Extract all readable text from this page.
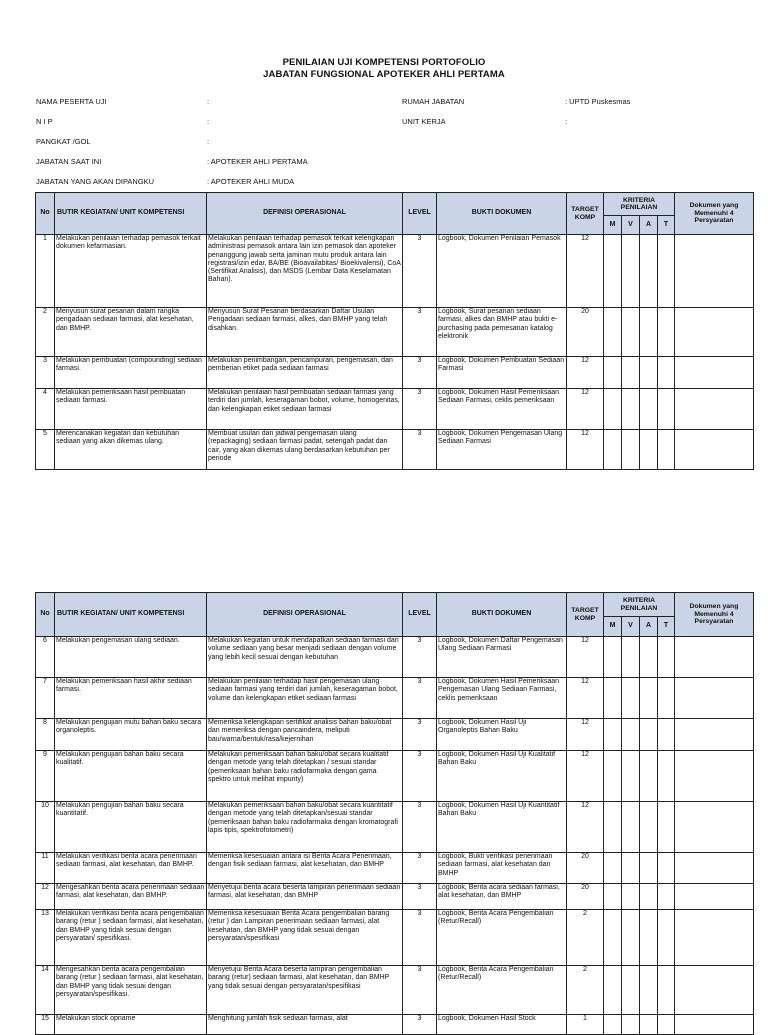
PENILAIAN UJI KOMPETENSI PORTOFOLIO
JABATAN FUNGSIONAL APOTEKER AHLI PERTAMA
NAMA PESERTA UJI	:	RUMAH JABATAN	: UPTD Puskesmas
N I P	:	UNIT KERJA	:
PANGKAT /GOL	:
JABATAN SAAT INI	: APOTEKER AHLI PERTAMA
JABATAN YANG AKAN DIPANGKU	: APOTEKER AHLI MUDA
No	BUTIR KEGIATAN/ UNIT KOMPETENSI	DEFINISI OPERASIONAL	LEVEL	BUKTI DOKUMEN	TARGET KOMP	KRITERIA PENILAIAN				Dokumen yang Memenuhi 4 Persyaratan
						M	V	A	T	
1	Melakukan penilaian terhadap pemasok terkait dokumen kefarmasian.	Melakukan penilaian terhadap pemasok terkait kelengkapan administrasi pemasok antara lain izin pemasok dan apoteker penanggung jawab serta jaminan mutu produk antara lain registrasi/izin edar, BA/BE (Bioavailabitas/ Bioekivalensi), CoA (Sertifikat Analisis), dan MSDS (Lembar Data Keselamatan Bahan).	3	Logbook, Dokumen Penilaian Pemasok	12					
2	Menyusun surat pesanan dalam rangka pengadaan sediaan farmasi, alat kesehatan, dan BMHP.	Menyusun Surat Pesanan berdasarkan Daftar Usulan Pengadaan sediaan farmasi, alkes, dan BMHP yang telah disahkan.	3	Logbook, Surat pesanan sediaan farmasi, alkes dan BMHP atau bukti e-purchasing pada pemesanan katalog elektronik	20					
3	Melakukan pembuatan (compounding) sediaan farmasi.	Melakukan penimbangan, pencampuran, pengemasan, dan pemberian etiket pada sediaan farmasi	3	Logbook, Dokumen Pembuatan Sediaan Farmasi	12					
4	Melakukan pemeriksaan hasil pembuatan sediaan farmasi.	Melakukan penilaian hasil pembuatan sediaan farmasi yang terdiri dari jumlah, keseragaman bobot, volume, homogenitas, dan kelengkapan etiket sediaan farmasi	3	Logbook, Dokumen Hasil Pemeriksaan Sediaan Farmasi, ceklis pemeriksaan	12					
5	Merencanakan kegiatan dan kebutuhan sediaan yang akan dikemas ulang.	Membuat usulan dan jadwal pengemasan ulang (repackaging) sediaan farmasi padat, setengah padat dan cair, yang akan dikemas ulang berdasarkan kebutuhan per periode	3	Logbook, Dokumen Pengemasan Ulang Sediaan Farmasi	12					
No	BUTIR KEGIATAN/ UNIT KOMPETENSI	DEFINISI OPERASIONAL	LEVEL	BUKTI DOKUMEN	TARGET KOMP	KRITERIA PENILAIAN				Dokumen yang Memenuhi 4 Persyaratan
						M	V	A	T	
6	Melakukan pengemasan ulang sediaan.	Melakukan kegiatan untuk mendapatkan sediaan farmasi dari volume sediaan yang besar menjadi sediaan dengan volume yang lebih kecil sesuai dengan kebutuhan	3	Logbook, Dokumen Daftar Pengemasan Ulang Sediaan Farmasi	12					
7	Melakukan pemeriksaan hasil akhir sediaan farmasi.	Melakukan penilaian terhadap hasil pengemasan ulang sediaan farmasi yang terdiri dari jumlah, keseragaman bobot, volume dan kelengkapan etiket sediaan farmasi	3	Logbook, Dokumen Hasil Pemeriksaan Pengemasan Ulang Sediaan Farmasi, ceklis pemeriksaan	12					
8	Melakukan pengujian mutu bahan baku secara organoleptis.	Memeriksa kelengkapan sertifikat analisis bahan baku/obat dan memeriksa dengan pancaindera, meliputi bau/warna/bentuk/rasa/kejernihan	3	Logbook, Dokumen Hasil Uji Organoleptis Bahan Baku	12					
9	Melakukan pengujian bahan baku secara kualitatif.	Melakukan pemeriksaan bahan baku/obat secara kualitatif dengan metode yang telah ditetapkan / sesuai standar (pemeriksaan bahan baku radiofarmaka dengan gama spektro untuk melihat impurity)	3	Logbook, Dokumen Hasil Uji Kualitatif Bahan Baku	12					
10	Melakukan pengujian bahan baku secara kuantitatif.	Melakukan pemeriksaan bahan baku/obat secara kuantitatif dengan metode yang telah ditetapkan/sesuai standar (pemeriksaan bahan baku radiofarmaka dengan kromatografi lapis tipis, spektrofotometri)	3	Logbook, Dokumen Hasil Uji Kuantitatif Bahan Baku	12					
11	Melakukan verifikasi berita acara penerimaan sediaan farmasi, alat kesehatan, dan BMHP.	Memeriksa kesesuaian antara isi Berita Acara Penerimaan, dengan fisik sediaan farmasi, alat kesehatan, dan BMHP	3	Logbook, Bukti verifikasi penerimaan sediaan farmasi, alat kesehatan dan BMHP	20					
12	Mengesahkan berita acara penerimaan sediaan farmasi, alat kesehatan, dan BMHP.	Menyetujui berita acara beserta lampiran penerimaan sediaan farmasi, alat kesehatan, dan BMHP	3	Logbook, Berita acara sediaan farmasi, alat kesehatan, dan BMHP	20					
13	Melakukan verifikasi berita acara pengembalian barang (retur ) sediaan farmasi, alat kesehatan, dan BMHP yang tidak sesuai dengan persyaratan/ spesifikasi.	Memeriksa kesesuaian Berita Acara pengembalian barang (retur ) dan Lampiran penerimaan sediaan farmasi, alat kesehatan, dan BMHP yang tidak sesuai dengan persyaratan/spesifikasi	3	Logbook, Berita Acara Pengembalian (Retur/Recall)	2					
14	Mengesahkan berita acara pengembalian barang (retur ) sediaan farmasi, alat kesehatan, dan BMHP yang tidak sesuai dengan persyaratan/spesifikasi.	Menyetujui Berita Acara beserta lampiran pengembalian barang (retur) sediaan farmasi, alat kesehatan, dan BMHP yang tidak sesuai dengan persyaratan/spesifikasi	3	Logbook, Berita Acara Pengembalian (Retur/Recall)	2					
15	Melakukan stock opname	Menghitung jumlah fisik sediaan farmasi, alat	3	Logbook, Dokumen Hasil Stock	1					
